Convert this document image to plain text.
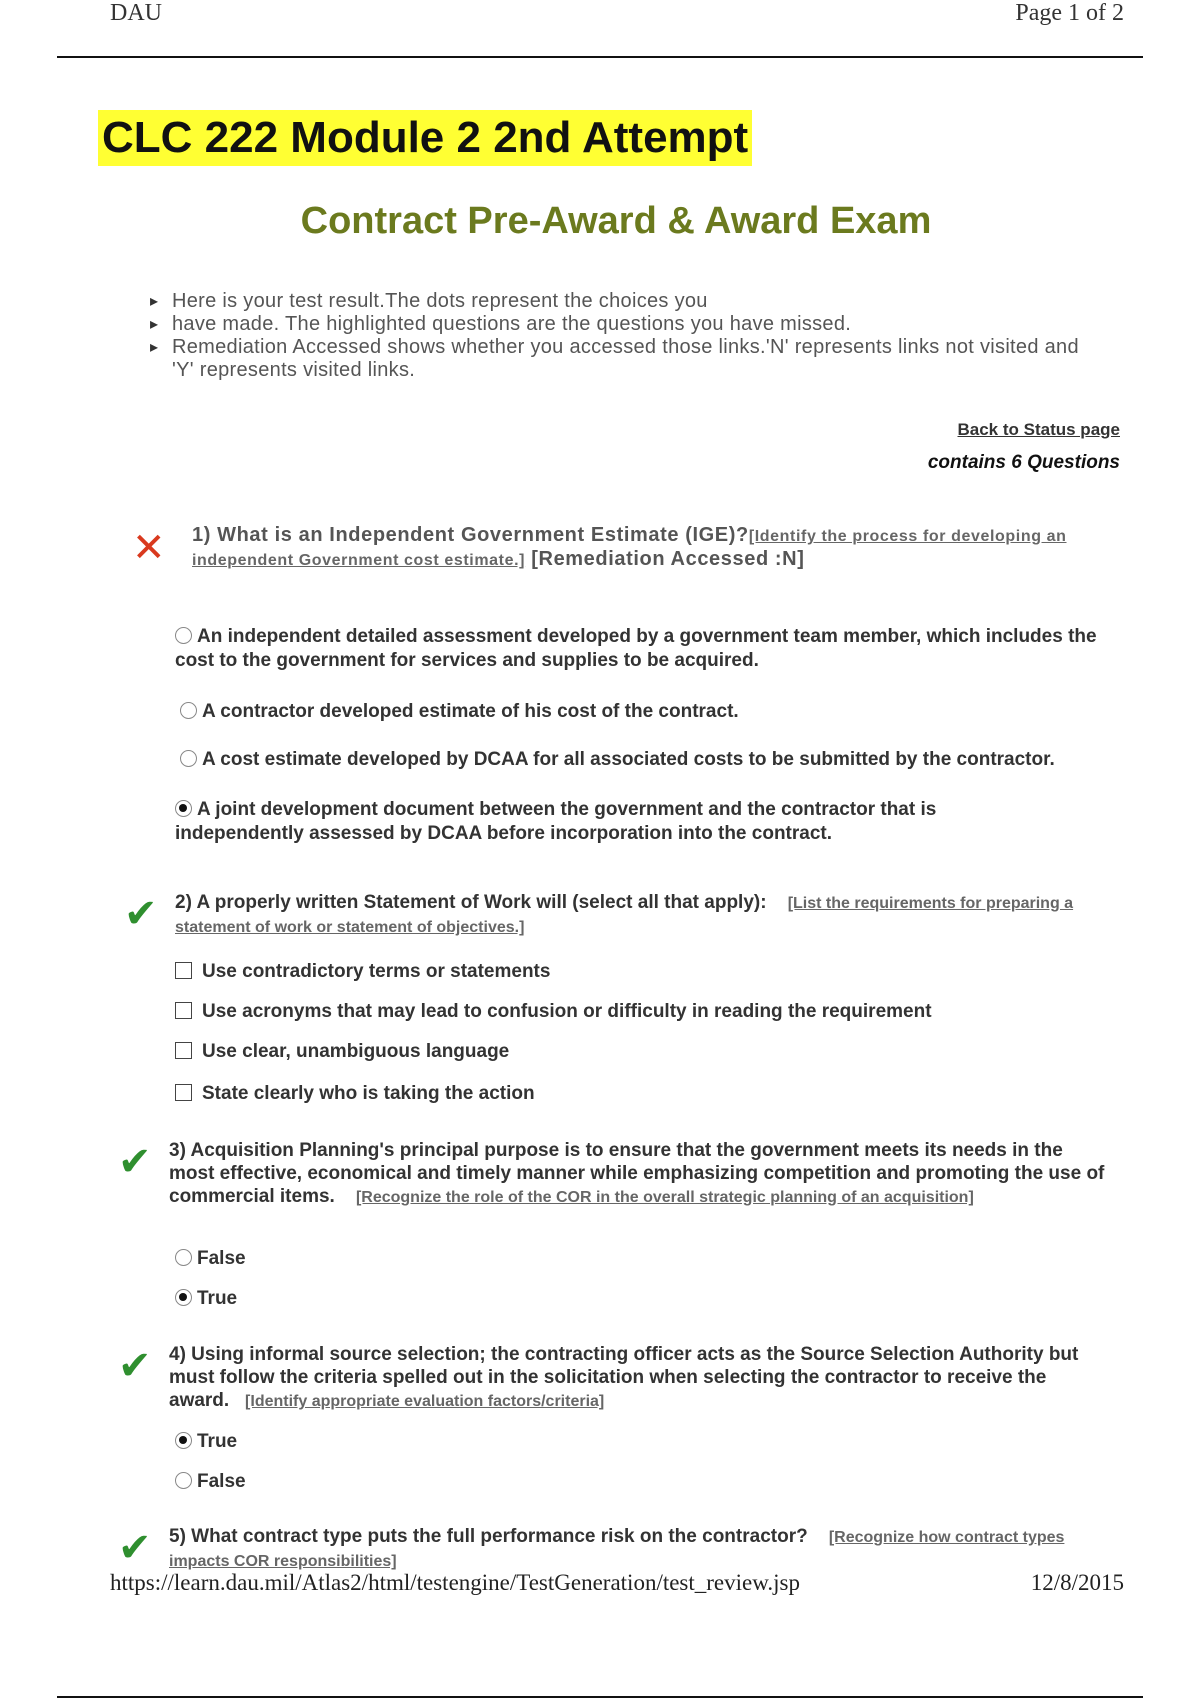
DAU	Page 1 of 2
CLC 222 Module 2 2nd Attempt
Contract Pre-Award & Award Exam
▸ Here is your test result.The dots represent the choices you
▸ have made. The highlighted questions are the questions you have missed.
▸ Remediation Accessed shows whether you accessed those links.'N' represents links not visited and 'Y' represents visited links.
Back to Status page
contains 6 Questions
✕ 1) What is an Independent Government Estimate (IGE)?[Identify the process for developing an independent Government cost estimate.] [Remediation Accessed :N]
An independent detailed assessment developed by a government team member, which includes the cost to the government for services and supplies to be acquired.
A contractor developed estimate of his cost of the contract.
A cost estimate developed by DCAA for all associated costs to be submitted by the contractor.
A joint development document between the government and the contractor that is independently assessed by DCAA before incorporation into the contract.
✔ 2) A properly written Statement of Work will (select all that apply): [List the requirements for preparing a statement of work or statement of objectives.]
Use contradictory terms or statements
Use acronyms that may lead to confusion or difficulty in reading the requirement
Use clear, unambiguous language
State clearly who is taking the action
✔ 3) Acquisition Planning's principal purpose is to ensure that the government meets its needs in the most effective, economical and timely manner while emphasizing competition and promoting the use of commercial items. [Recognize the role of the COR in the overall strategic planning of an acquisition]
False
True
✔ 4) Using informal source selection; the contracting officer acts as the Source Selection Authority but must follow the criteria spelled out in the solicitation when selecting the contractor to receive the award. [Identify appropriate evaluation factors/criteria]
True
False
✔ 5) What contract type puts the full performance risk on the contractor? [Recognize how contract types impacts COR responsibilities]
https://learn.dau.mil/Atlas2/html/testengine/TestGeneration/test_review.jsp	12/8/2015
